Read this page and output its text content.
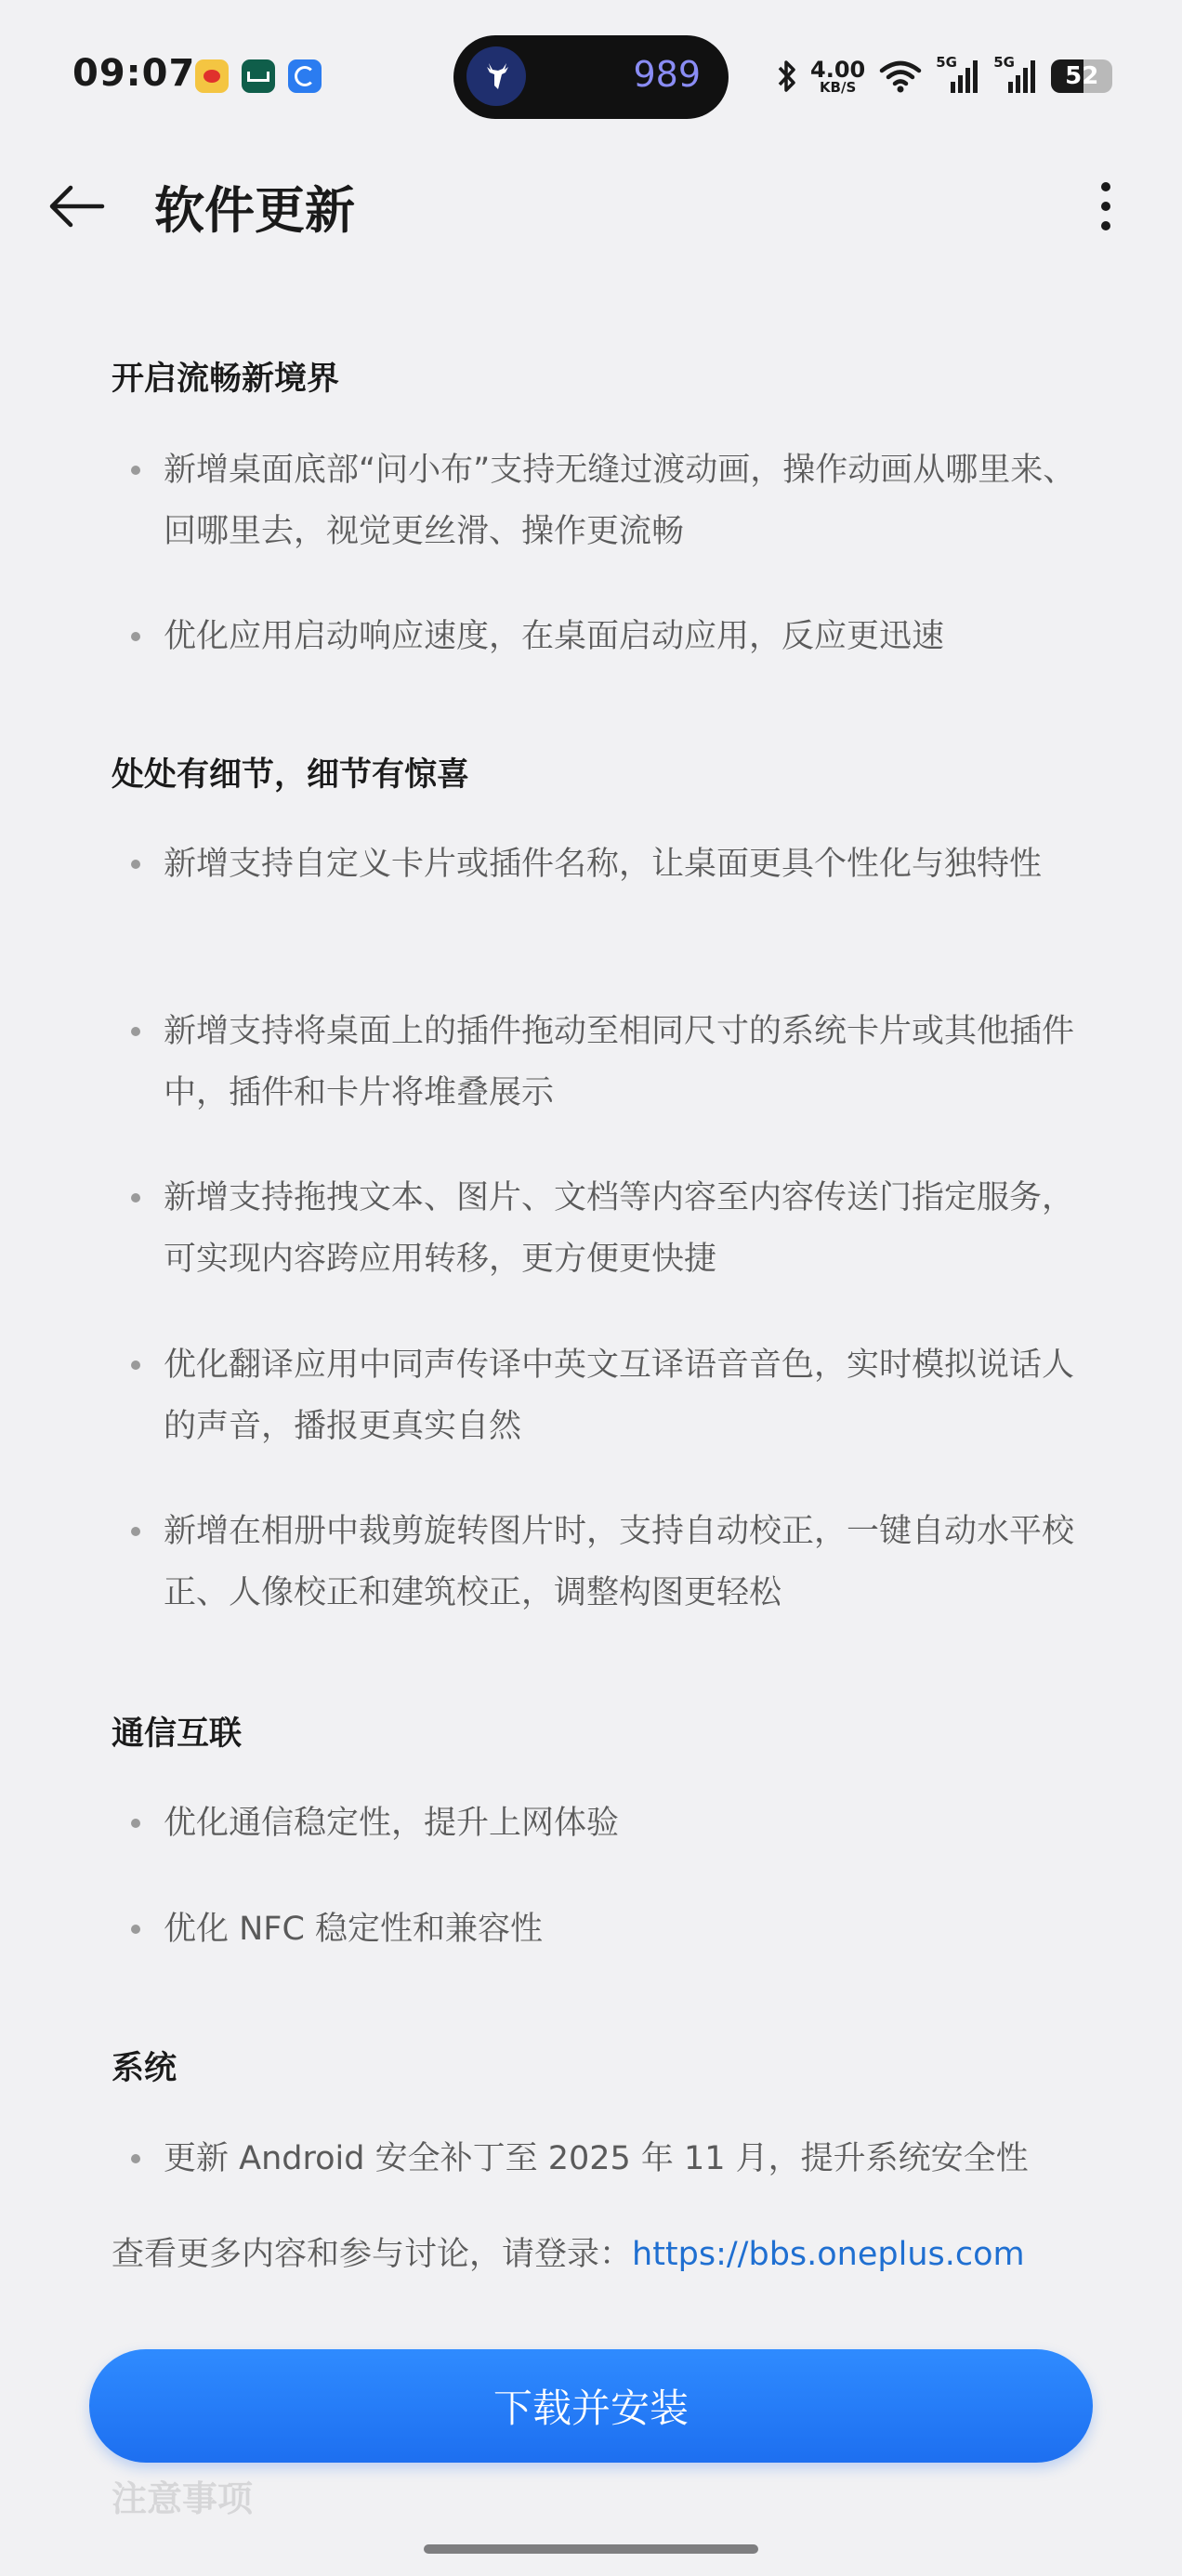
09:07	989	4.00
KB/S
5G	5G	52
软件更新
开启流畅新境界
新增桌面底部“问小布”支持无缝过渡动画，操作动画从哪里来、回哪里去，视觉更丝滑、操作更流畅
优化应用启动响应速度，在桌面启动应用，反应更迅速
处处有细节，细节有惊喜
新增支持自定义卡片或插件名称，让桌面更具个性化与独特性
新增支持将桌面上的插件拖动至相同尺寸的系统卡片或其他插件中，插件和卡片将堆叠展示
新增支持拖拽文本、图片、文档等内容至内容传送门指定服务，可实现内容跨应用转移，更方便更快捷
优化翻译应用中同声传译中英文互译语音音色，实时模拟说话人的声音，播报更真实自然
新增在相册中裁剪旋转图片时，支持自动校正，一键自动水平校正、人像校正和建筑校正，调整构图更轻松
通信互联
优化通信稳定性，提升上网体验
优化 NFC 稳定性和兼容性
系统
更新 Android 安全补丁至 2025 年 11 月，提升系统安全性
查看更多内容和参与讨论，请登录：https://bbs.oneplus.com
下载并安装
注意事项
